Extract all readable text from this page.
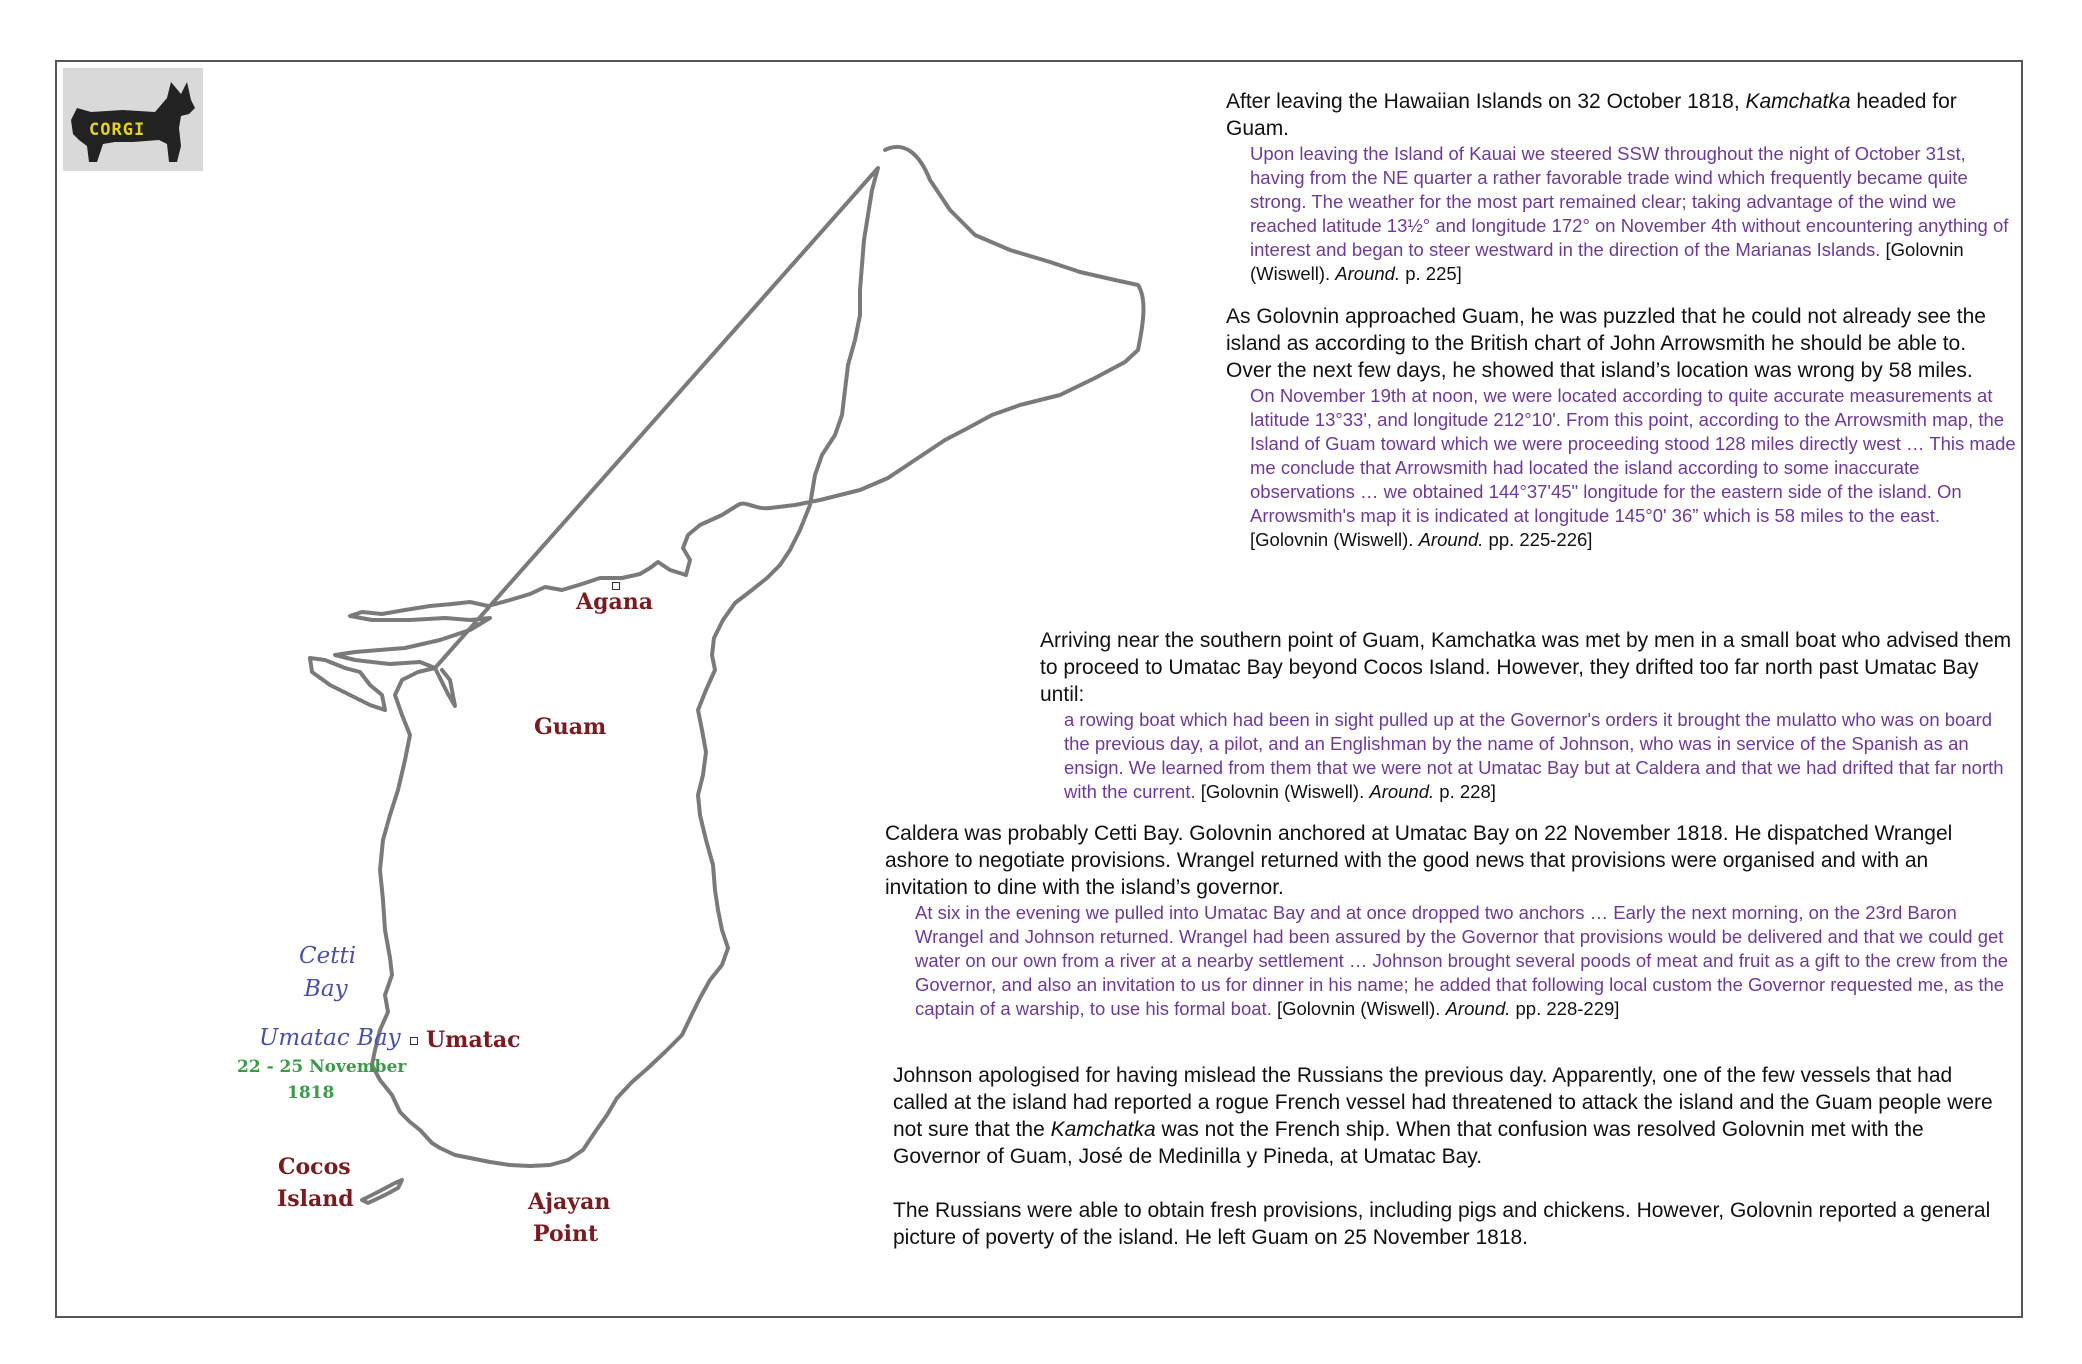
CORGI
Agana
Guam
Cetti
Bay
Umatac Bay
22 - 25 November
1818
Umatac
Cocos
Island	Ajayan
Point

After leaving the Hawaiian Islands on 32 October 1818, Kamchatka headed for Guam.

Upon leaving the Island of Kauai we steered SSW throughout the night of October 31st, having from the NE quarter a rather favorable trade wind which frequently became quite strong. The weather for the most part remained clear; taking advantage of the wind we reached latitude 13½° and longitude 172° on November 4th without encountering anything of interest and began to steer westward in the direction of the Marianas Islands. [Golovnin (Wiswell). Around. p. 225]

As Golovnin approached Guam, he was puzzled that he could not already see the island as according to the British chart of John Arrowsmith he should be able to. Over the next few days, he showed that island’s location was wrong by 58 miles.

On November 19th at noon, we were located according to quite accurate measurements at latitude 13°33', and longitude 212°10'. From this point, according to the Arrowsmith map, the Island of Guam toward which we were proceeding stood 128 miles directly west … This made me conclude that Arrowsmith had located the island according to some inaccurate observations … we obtained 144°37'45" longitude for the eastern side of the island. On Arrowsmith's map it is indicated at longitude 145°0' 36” which is 58 miles to the east. [Golovnin (Wiswell). Around. pp. 225-226]

Arriving near the southern point of Guam, Kamchatka was met by men in a small boat who advised them to proceed to Umatac Bay beyond Cocos Island. However, they drifted too far north past Umatac Bay until:

a rowing boat which had been in sight pulled up at the Governor's orders it brought the mulatto who was on board the previous day, a pilot, and an Englishman by the name of Johnson, who was in service of the Spanish as an ensign. We learned from them that we were not at Umatac Bay but at Caldera and that we had drifted that far north with the current. [Golovnin (Wiswell). Around. p. 228]

Caldera was probably Cetti Bay. Golovnin anchored at Umatac Bay on 22 November 1818. He dispatched Wrangel ashore to negotiate provisions. Wrangel returned with the good news that provisions were organised and with an invitation to dine with the island’s governor.

At six in the evening we pulled into Umatac Bay and at once dropped two anchors … Early the next morning, on the 23rd Baron Wrangel and Johnson returned. Wrangel had been assured by the Governor that provisions would be delivered and that we could get water on our own from a river at a nearby settlement … Johnson brought several poods of meat and fruit as a gift to the crew from the Governor, and also an invitation to us for dinner in his name; he added that following local custom the Governor requested me, as the captain of a warship, to use his formal boat. [Golovnin (Wiswell). Around. pp. 228-229]

Johnson apologised for having mislead the Russians the previous day. Apparently, one of the few vessels that had called at the island had reported a rogue French vessel had threatened to attack the island and the Guam people were not sure that the Kamchatka was not the French ship. When that confusion was resolved Golovnin met with the Governor of Guam, José de Medinilla y Pineda, at Umatac Bay.

The Russians were able to obtain fresh provisions, including pigs and chickens. However, Golovnin reported a general picture of poverty of the island. He left Guam on 25 November 1818.
